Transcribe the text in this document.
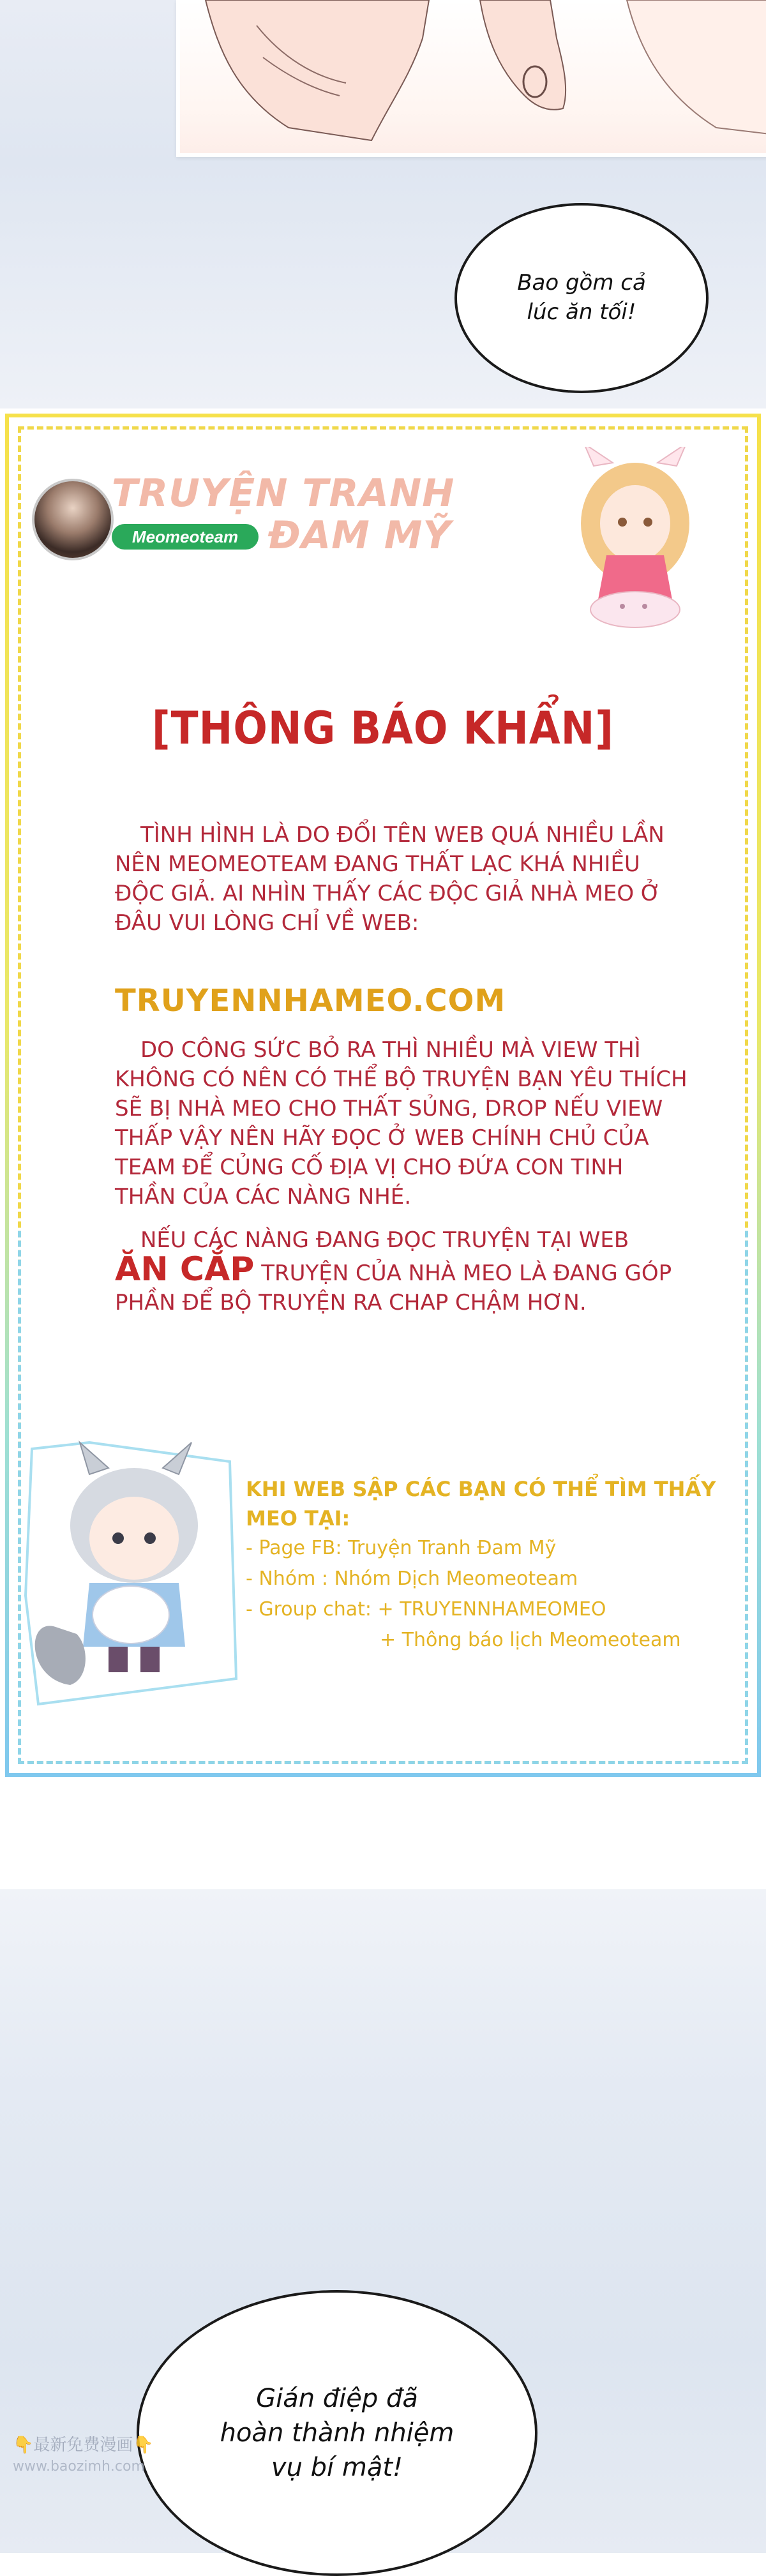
Bao gồm cả
lúc ăn tối!
TRUYỆN TRANH
ĐAM MỸ
Meomeoteam
[THÔNG BÁO KHẨN]
TÌNH HÌNH LÀ DO ĐỔI TÊN WEB QUÁ NHIỀU LẦN NÊN MEOMEOTEAM ĐANG THẤT LẠC KHÁ NHIỀU ĐỘC GIẢ. AI NHÌN THẤY CÁC ĐỘC GIẢ NHÀ MEO Ở ĐÂU VUI LÒNG CHỈ VỀ WEB:
TRUYENNHAMEO.COM
DO CÔNG SỨC BỎ RA THÌ NHIỀU MÀ VIEW THÌ KHÔNG CÓ NÊN CÓ THỂ BỘ TRUYỆN BẠN YÊU THÍCH SẼ BỊ NHÀ MEO CHO THẤT SỦNG, DROP NẾU VIEW THẤP VẬY NÊN HÃY ĐỌC Ở WEB CHÍNH CHỦ CỦA TEAM ĐỂ CỦNG CỐ ĐỊA VỊ CHO ĐỨA CON TINH THẦN CỦA CÁC NÀNG NHÉ.
NẾU CÁC NÀNG ĐANG ĐỌC TRUYỆN TẠI WEB
ĂN CẮP TRUYỆN CỦA NHÀ MEO LÀ ĐANG GÓP PHẦN ĐỂ BỘ TRUYỆN RA CHAP CHẬM HƠN.
KHI WEB SẬP CÁC BẠN CÓ THỂ TÌM THẤY MEO TẠI:
- Page FB: Truyện Tranh Đam Mỹ
- Nhóm : Nhóm Dịch Meomeoteam
- Group chat: + TRUYENNHAMEOMEO
+ Thông báo lịch Meomeoteam
Gián điệp đã
hoàn thành nhiệm
vụ bí mật!
👇最新免费漫画👇
www.baozimh.com
